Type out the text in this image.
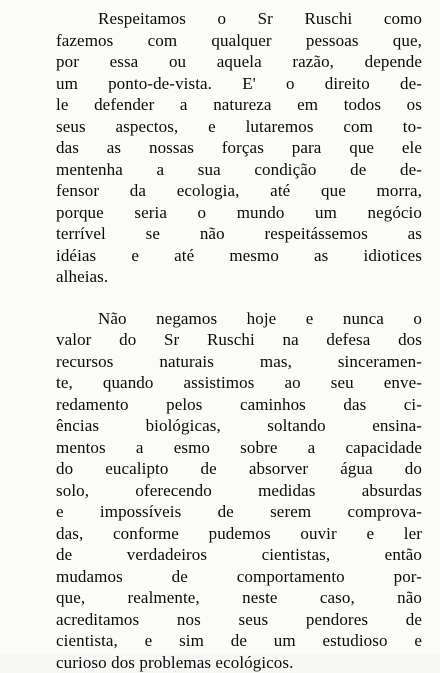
Respeitamos o Sr Ruschi como
fazemos com qualquer pessoas que,
por essa ou aquela razão, depende
um ponto-de-vista. E' o direito de-
le defender a natureza em todos os
seus aspectos, e lutaremos com to-
das as nossas forças para que ele
mentenha a sua condição de de-
fensor da ecologia, até que morra,
porque seria o mundo um negócio
terrível se não respeitássemos as
idéias e até mesmo as idiotices
alheias.

Não negamos hoje e nunca o
valor do Sr Ruschi na defesa dos
recursos naturais mas, sinceramen-
te, quando assistimos ao seu enve-
redamento pelos caminhos das ci-
ências biológicas, soltando ensina-
mentos a esmo sobre a capacidade
do eucalipto de absorver água do
solo, oferecendo medidas absurdas
e impossíveis de serem comprova-
das, conforme pudemos ouvir e ler
de verdadeiros cientistas, então
mudamos de comportamento por-
que, realmente, neste caso, não
acreditamos nos seus pendores de
cientista, e sim de um estudioso e
curioso dos problemas ecológicos.
